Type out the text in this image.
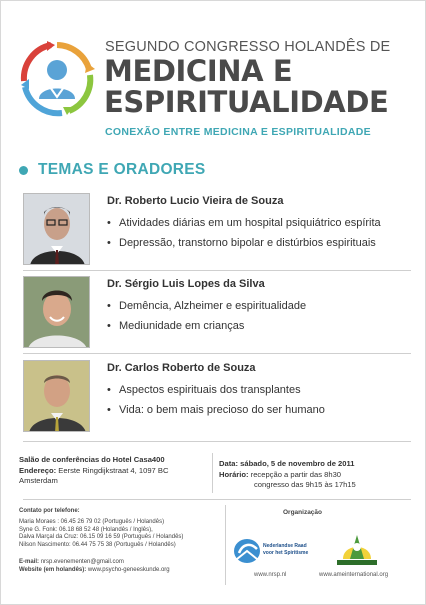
SEGUNDO CONGRESSO HOLANDÊS DE
MEDICINA E
ESPIRITUALIDADE
CONEXÃO ENTRE MEDICINA E ESPIRITUALIDADE
TEMAS E ORADORES
Dr. Roberto Lucio Vieira de Souza
• Atividades diárias em um hospital psiquiátrico espírita
• Depressão, transtorno bipolar e distúrbios espirituais
Dr. Sérgio Luis Lopes da Silva
• Demência, Alzheimer e espiritualidade
• Mediunidade em crianças
Dr. Carlos Roberto de Souza
• Aspectos espirituais dos transplantes
• Vida: o bem mais precioso do ser humano
Salão de conferências do Hotel Casa400
Endereço: Eerste Ringdijkstraat 4, 1097 BC
Amsterdam
Data: sábado, 5 de novembro de 2011
Horário: recepção a partir das 8h30
congresso das 9h15 às 17h15
Contato por telefone:
Maria Moraes : 06.45 26 79 02 (Português / Holandês)
Syne G. Fonk: 06.18 68 52 48 (Holandês / Inglês),
Dalva Marçal da Cruz: 06.15 09 16 59 (Português / Holandês)
Nilson Nascimento: 06.44 75 75 38 (Português / Holandês)
E-mail: nrsp.evenementen@gmail.com
Website (em holandês): www.psycho-geneeskunde.org
Organização
Nederlandse Raad
voor het Spiritisme
www.nrsp.nl	www.ameinternational.org
